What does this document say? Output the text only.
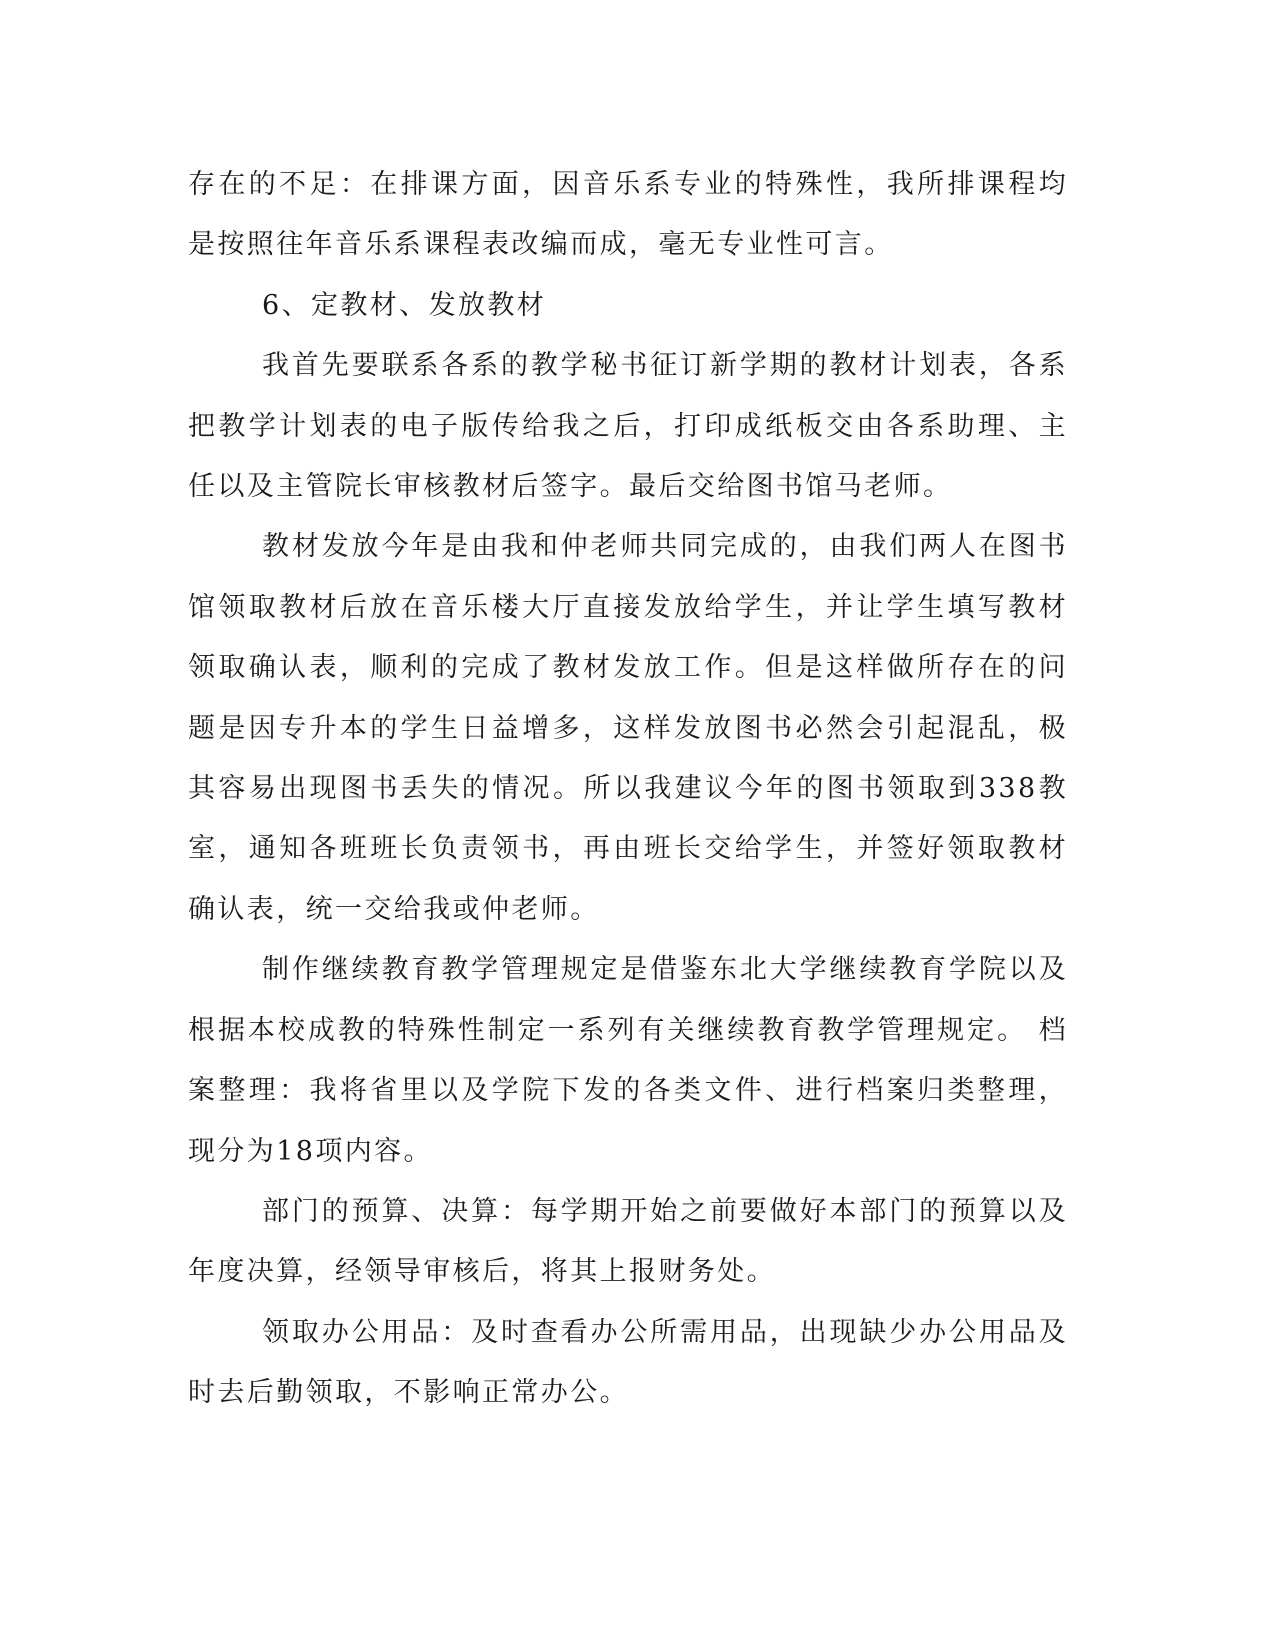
存在的不足：在排课方面，因音乐系专业的特殊性，我所排课程均是按照往年音乐系课程表改编而成，毫无专业性可言。

6、定教材、发放教材

我首先要联系各系的教学秘书征订新学期的教材计划表，各系把教学计划表的电子版传给我之后，打印成纸板交由各系助理、主任以及主管院长审核教材后签字。最后交给图书馆马老师。

教材发放今年是由我和仲老师共同完成的，由我们两人在图书馆领取教材后放在音乐楼大厅直接发放给学生，并让学生填写教材领取确认表，顺利的完成了教材发放工作。但是这样做所存在的问题是因专升本的学生日益增多，这样发放图书必然会引起混乱，极其容易出现图书丢失的情况。所以我建议今年的图书领取到338教室，通知各班班长负责领书，再由班长交给学生，并签好领取教材确认表，统一交给我或仲老师。

制作继续教育教学管理规定是借鉴东北大学继续教育学院以及根据本校成教的特殊性制定一系列有关继续教育教学管理规定。 档案整理：我将省里以及学院下发的各类文件、进行档案归类整理，现分为18项内容。

部门的预算、决算：每学期开始之前要做好本部门的预算以及年度决算，经领导审核后，将其上报财务处。

领取办公用品：及时查看办公所需用品，出现缺少办公用品及时去后勤领取，不影响正常办公。
